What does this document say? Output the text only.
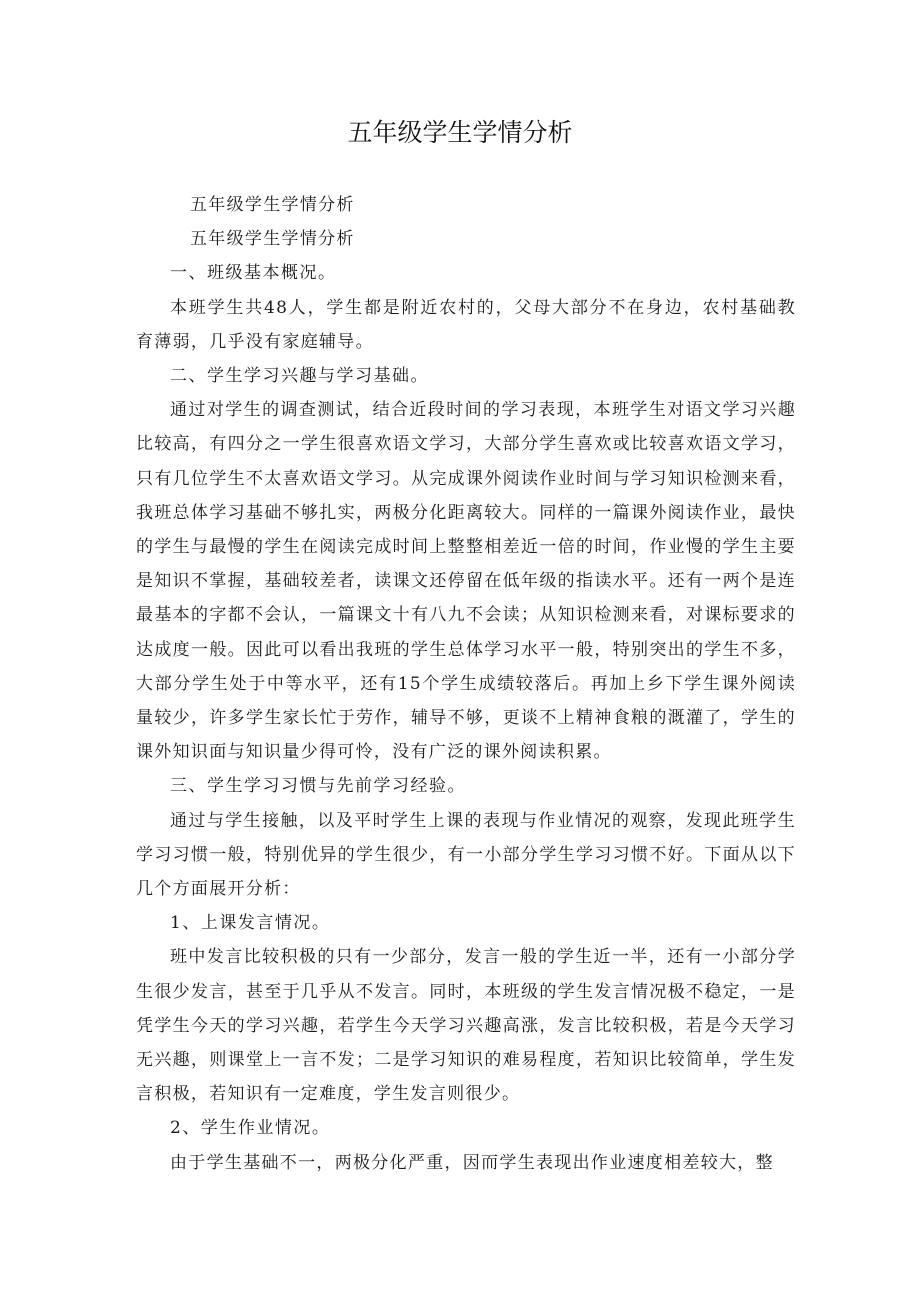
五年级学生学情分析

五年级学生学情分析

五年级学生学情分析

一、班级基本概况。

本班学生共48人，学生都是附近农村的，父母大部分不在身边，农村基础教育薄弱，几乎没有家庭辅导。

二、学生学习兴趣与学习基础。

通过对学生的调查测试，结合近段时间的学习表现，本班学生对语文学习兴趣比较高，有四分之一学生很喜欢语文学习，大部分学生喜欢或比较喜欢语文学习，只有几位学生不太喜欢语文学习。从完成课外阅读作业时间与学习知识检测来看，我班总体学习基础不够扎实，两极分化距离较大。同样的一篇课外阅读作业，最快的学生与最慢的学生在阅读完成时间上整整相差近一倍的时间，作业慢的学生主要是知识不掌握，基础较差者，读课文还停留在低年级的指读水平。还有一两个是连最基本的字都不会认，一篇课文十有八九不会读；从知识检测来看，对课标要求的达成度一般。因此可以看出我班的学生总体学习水平一般，特别突出的学生不多，大部分学生处于中等水平，还有15个学生成绩较落后。再加上乡下学生课外阅读量较少，许多学生家长忙于劳作，辅导不够，更谈不上精神食粮的溉灌了，学生的课外知识面与知识量少得可怜，没有广泛的课外阅读积累。

三、学生学习习惯与先前学习经验。

通过与学生接触，以及平时学生上课的表现与作业情况的观察，发现此班学生学习习惯一般，特别优异的学生很少，有一小部分学生学习习惯不好。下面从以下几个方面展开分析：

1、上课发言情况。

班中发言比较积极的只有一少部分，发言一般的学生近一半，还有一小部分学生很少发言，甚至于几乎从不发言。同时，本班级的学生发言情况极不稳定，一是凭学生今天的学习兴趣，若学生今天学习兴趣高涨，发言比较积极，若是今天学习无兴趣，则课堂上一言不发；二是学习知识的难易程度，若知识比较简单，学生发言积极，若知识有一定难度，学生发言则很少。

2、学生作业情况。

由于学生基础不一，两极分化严重，因而学生表现出作业速度相差较大，整
